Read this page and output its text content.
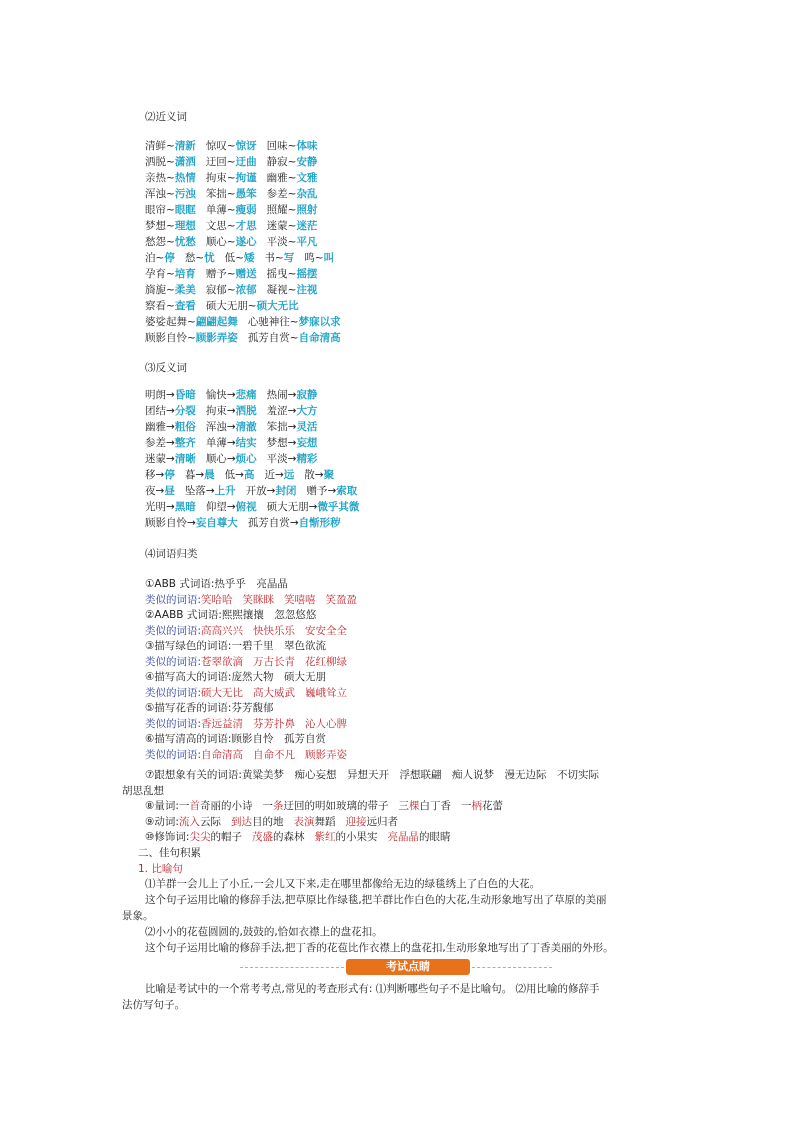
⑵近义词
清鲜~清新 惊叹~惊讶 回味~体味
洒脱~潇洒 迂回~迂曲 静寂~安静
亲热~热情 拘束~拘谨 幽雅~文雅
浑浊~污浊 笨拙~愚笨 参差~杂乱
眼帘~眼眶 单薄~瘦弱 照耀~照射
梦想~理想 文思~才思 迷蒙~迷茫
愁怨~忧愁 顺心~遂心 平淡~平凡
泊~停 愁~忧 低~矮 书~写 鸣~叫
孕育~培育 赠予~赠送 摇曳~摇摆
旖旎~柔美 寂郁~浓郁 凝视~注视
察看~查看 硕大无朋~硕大无比
婆娑起舞~翩翩起舞 心驰神往~梦寐以求
顾影自怜~顾影弄姿 孤芳自赏~自命清高
⑶反义词
明朗→昏暗 愉快→悲痛 热闹→寂静
团结→分裂 拘束→洒脱 羞涩→大方
幽雅→粗俗 浑浊→清澈 笨拙→灵活
参差→整齐 单薄→结实 梦想→妄想
迷蒙→清晰 顺心→烦心 平淡→精彩
移→停 暮→晨 低→高 近→远 散→聚
夜→昼 坠落→上升 开放→封闭 赠予→索取
光明→黑暗 仰望→俯视 硕大无朋→微乎其微
顾影自怜→妄自尊大 孤芳自赏→自惭形秽
⑷词语归类
①ABB 式词语:热乎乎　亮晶晶
类似的词语:笑哈哈 笑眯眯 笑嘻嘻 笑盈盈
②AABB 式词语:熙熙攘攘　忽忽悠悠
类似的词语:高高兴兴 快快乐乐 安安全全
③描写绿色的词语:一碧千里　翠色欲流
类似的词语:苍翠欲滴 万古长青 花红柳绿
④描写高大的词语:庞然大物　硕大无朋
类似的词语:硕大无比 高大威武 巍峨耸立
⑤描写花香的词语:芬芳馥郁
类似的词语:香远益清 芬芳扑鼻 沁人心脾
⑥描写清高的词语:顾影自怜　孤芳自赏
类似的词语:自命清高 自命不凡 顾影弄姿
⑦跟想象有关的词语:黄粱美梦　痴心妄想　异想天开　浮想联翩　痴人说梦　漫无边际　不切实际
胡思乱想
⑧量词:一首奇丽的小诗 一条迂回的明如玻璃的带子 三棵白丁香 一柄花蕾
⑨动词:流入云际 到达目的地 表演舞蹈 迎接远归者
⑩修饰词:尖尖的帽子 茂盛的森林 紫红的小果实 亮晶晶的眼睛
二、佳句积累
1. 比喻句
⑴羊群一会儿上了小丘,一会儿又下来,走在哪里都像给无边的绿毯绣上了白色的大花。
这个句子运用比喻的修辞手法,把草原比作绿毯,把羊群比作白色的大花,生动形象地写出了草原的美丽
景象。
⑵小小的花苞圆圆的,鼓鼓的,恰如衣襟上的盘花扣。
这个句子运用比喻的修辞手法,把丁香的花苞比作衣襟上的盘花扣,生动形象地写出了丁香美丽的外形。
考试点睛
比喻是考试中的一个常考考点,常见的考查形式有: ⑴判断哪些句子不是比喻句。 ⑵用比喻的修辞手
法仿写句子。
